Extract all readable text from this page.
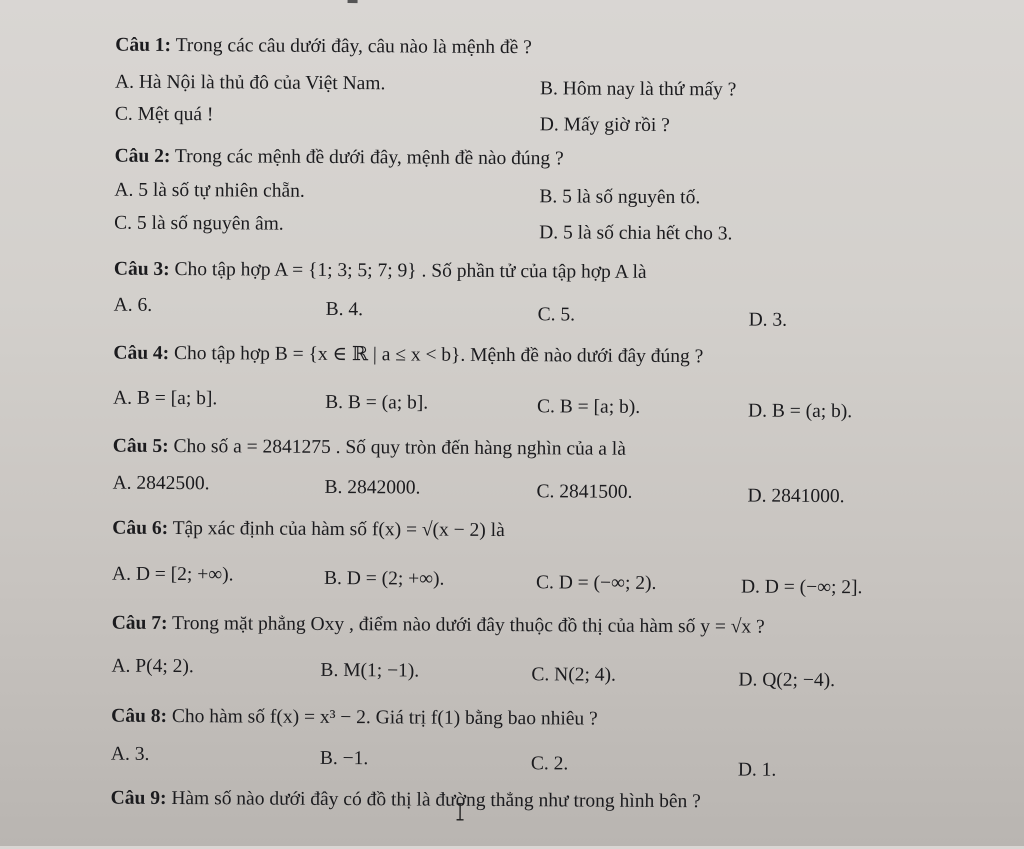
Câu 1: Trong các câu dưới đây, câu nào là mệnh đề ?
A. Hà Nội là thủ đô của Việt Nam.	B. Hôm nay là thứ mấy ?
C. Mệt quá !	D. Mấy giờ rồi ?
Câu 2: Trong các mệnh đề dưới đây, mệnh đề nào đúng ?
A. 5 là số tự nhiên chẵn.	B. 5 là số nguyên tố.
C. 5 là số nguyên âm.	D. 5 là số chia hết cho 3.
Câu 3: Cho tập hợp A = {1; 3; 5; 7; 9} . Số phần tử của tập hợp A là
A. 6.	B. 4.	C. 5.	D. 3.
Câu 4: Cho tập hợp B = {x ∈ ℝ | a ≤ x < b}. Mệnh đề nào dưới đây đúng ?
A. B = [a; b].	B. B = (a; b].	C. B = [a; b).	D. B = (a; b).
Câu 5: Cho số a = 2841275 . Số quy tròn đến hàng nghìn của a là
A. 2842500.	B. 2842000.	C. 2841500.	D. 2841000.
Câu 6: Tập xác định của hàm số f(x) = √(x − 2) là
A. D = [2; +∞).	B. D = (2; +∞).	C. D = (−∞; 2).	D. D = (−∞; 2].
Câu 7: Trong mặt phẳng Oxy , điểm nào dưới đây thuộc đồ thị của hàm số y = √x ?
A. P(4; 2).	B. M(1; −1).	C. N(2; 4).	D. Q(2; −4).
Câu 8: Cho hàm số f(x) = x³ − 2. Giá trị f(1) bằng bao nhiêu ?
A. 3.	B. −1.	C. 2.	D. 1.
Câu 9: Hàm số nào dưới đây có đồ thị là đường thẳng như trong hình bên ?
